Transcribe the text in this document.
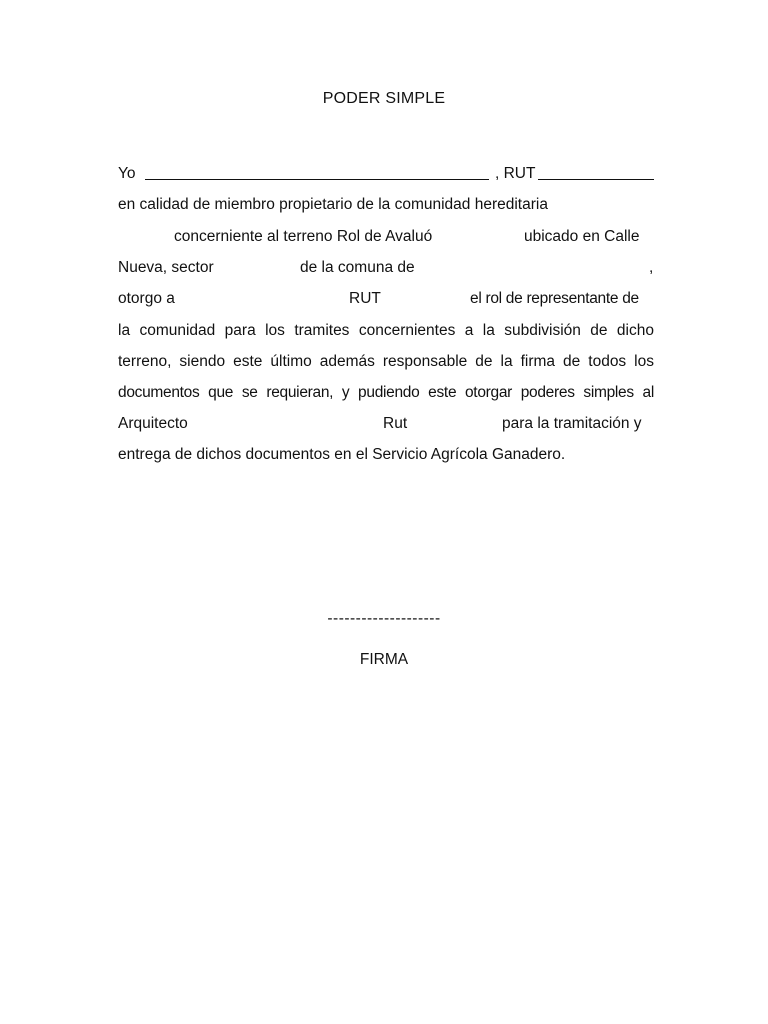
PODER SIMPLE
Yo	, RUT
en calidad de miembro propietario de la comunidad hereditaria
concerniente al terreno Rol de Avaluó	ubicado en Calle
Nueva, sector	de la comuna de	,
otorgo a	RUT	el rol de representante de
la comunidad para los tramites concernientes a la subdivisión de dicho
terreno, siendo este último además responsable de la firma de todos los
documentos que se requieran, y pudiendo este otorgar poderes simples al
Arquitecto	Rut	para la tramitación y
entrega de dichos documentos en el Servicio Agrícola Ganadero.
--------------------
FIRMA
